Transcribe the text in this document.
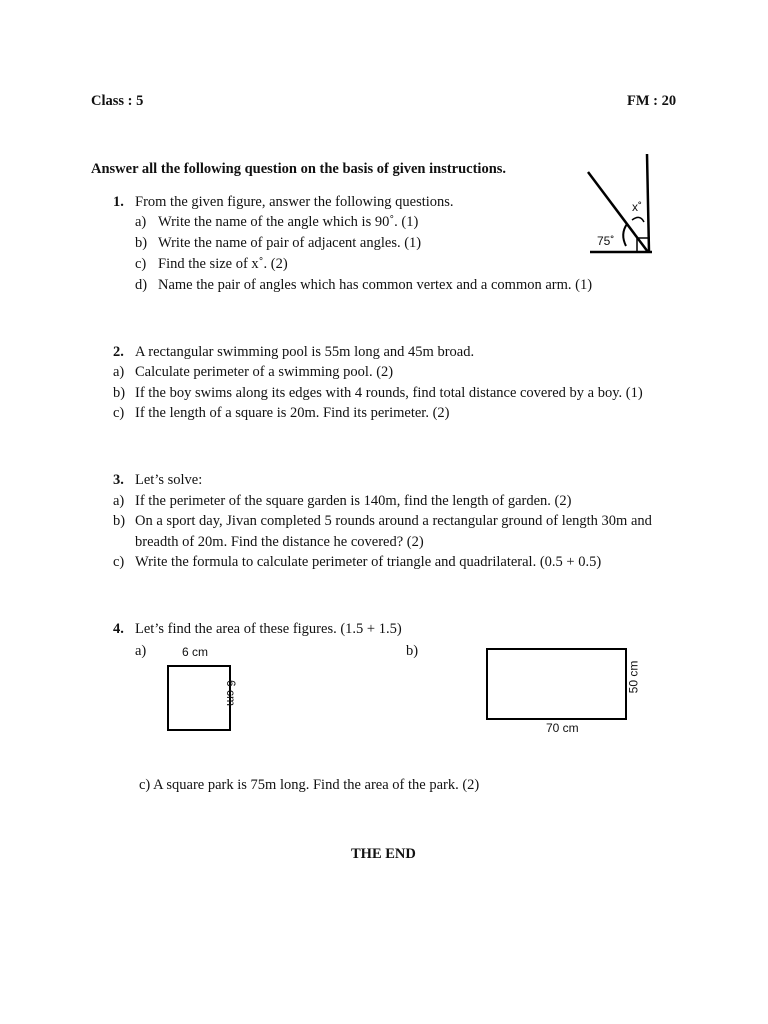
Class : 5	FM : 20
Answer all the following question on the basis of given instructions.
1. From the given figure, answer the following questions.
a) Write the name of the angle which is 90˚. (1)
b) Write the name of pair of adjacent angles. (1)
c) Find the size of x˚. (2)
d) Name the pair of angles which has common vertex and a common arm. (1)
75˚
x˚
2. A rectangular swimming pool is 55m long and 45m broad.
a) Calculate perimeter of a swimming pool. (2)
b) If the boy swims along its edges with 4 rounds, find total distance covered by a boy. (1)
c) If the length of a square is 20m. Find its perimeter. (2)
3. Let’s solve:
a) If the perimeter of the square garden is 140m, find the length of garden. (2)
b) On a sport day, Jivan completed 5 rounds around a rectangular ground of length 30m and
breadth of 20m. Find the distance he covered? (2)
c) Write the formula to calculate perimeter of triangle and quadrilateral. (0.5 + 0.5)
4. Let’s find the area of these figures. (1.5 + 1.5)
a)	b)
6 cm
6 cm	50 cm
70 cm
c) A square park is 75m long. Find the area of the park. (2)
THE END
